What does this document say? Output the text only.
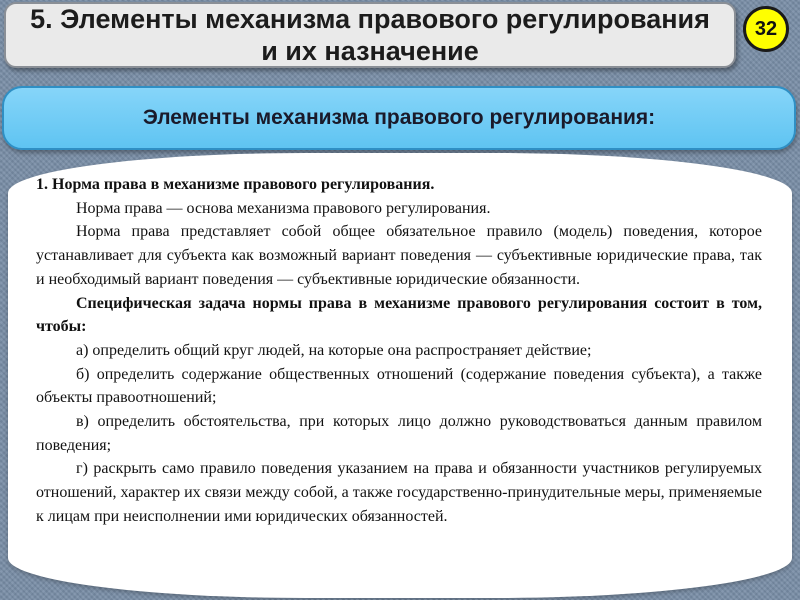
5. Элементы механизма правового регулирования
и их назначение
32
Элементы механизма правового регулирования:

1. Норма права в механизме правового регулирования.

Норма права — основа механизма правового регулирования.

Норма права представляет собой общее обязательное правило (модель) поведения, которое устанавливает для субъекта как возможный вариант поведения — субъективные юридические права, так и необходимый вариант поведения — субъективные юридические обязанности.

Специфическая задача нормы права в механизме правового регулирования состоит в том, чтобы:

а) определить общий круг людей, на которые она распространяет действие;

б) определить содержание общественных отношений (содержание поведения субъекта), а также объекты правоотношений;

в) определить обстоятельства, при которых лицо должно руководствоваться данным правилом поведения;

г) раскрыть само правило поведения указанием на права и обязанности участников регулируемых отношений, характер их связи между собой, а также государственно-принудительные меры, применяемые к лицам при неисполнении ими юридических обязанностей.
